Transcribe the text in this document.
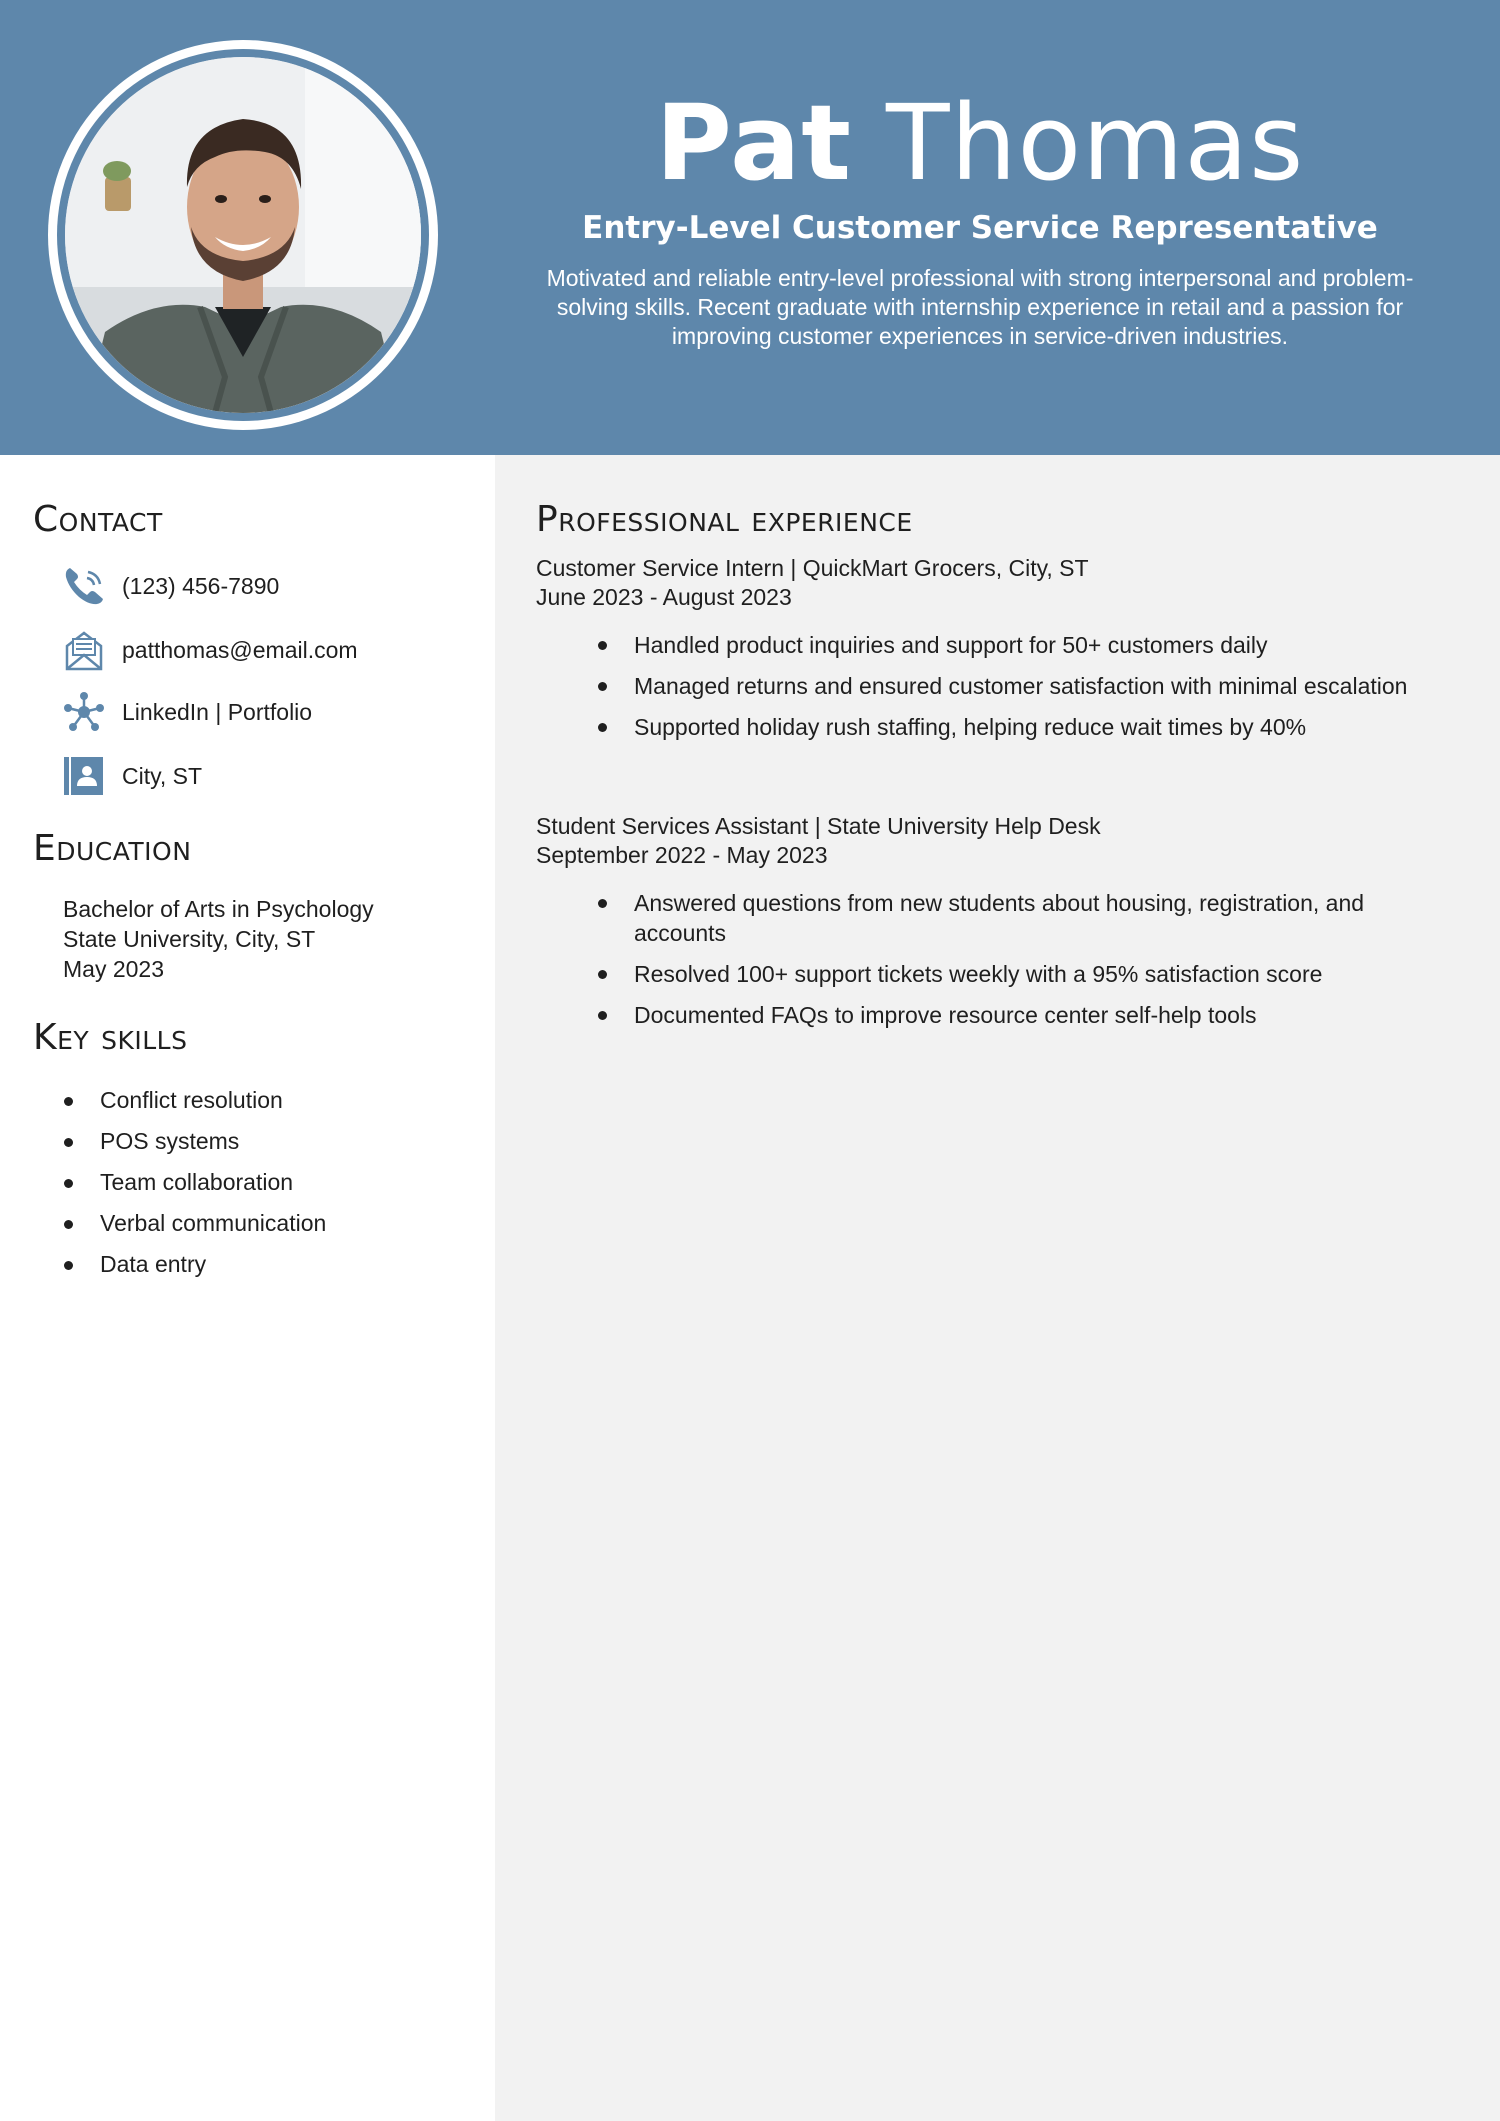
Pat Thomas
Entry-Level Customer Service Representative
Motivated and reliable entry-level professional with strong interpersonal and problem-solving skills. Recent graduate with internship experience in retail and a passion for improving customer experiences in service-driven industries.
Contact
(123) 456-7890
patthomas@email.com
LinkedIn | Portfolio
City, ST
Education
Bachelor of Arts in Psychology
State University, City, ST
May 2023
Key skills
Conflict resolution
POS systems
Team collaboration
Verbal communication
Data entry
Professional experience
Customer Service Intern | QuickMart Grocers, City, ST
June 2023 - August 2023
Handled product inquiries and support for 50+ customers daily
Managed returns and ensured customer satisfaction with minimal escalation
Supported holiday rush staffing, helping reduce wait times by 40%
Student Services Assistant | State University Help Desk
September 2022 - May 2023
Answered questions from new students about housing, registration, and accounts
Resolved 100+ support tickets weekly with a 95% satisfaction score
Documented FAQs to improve resource center self-help tools
